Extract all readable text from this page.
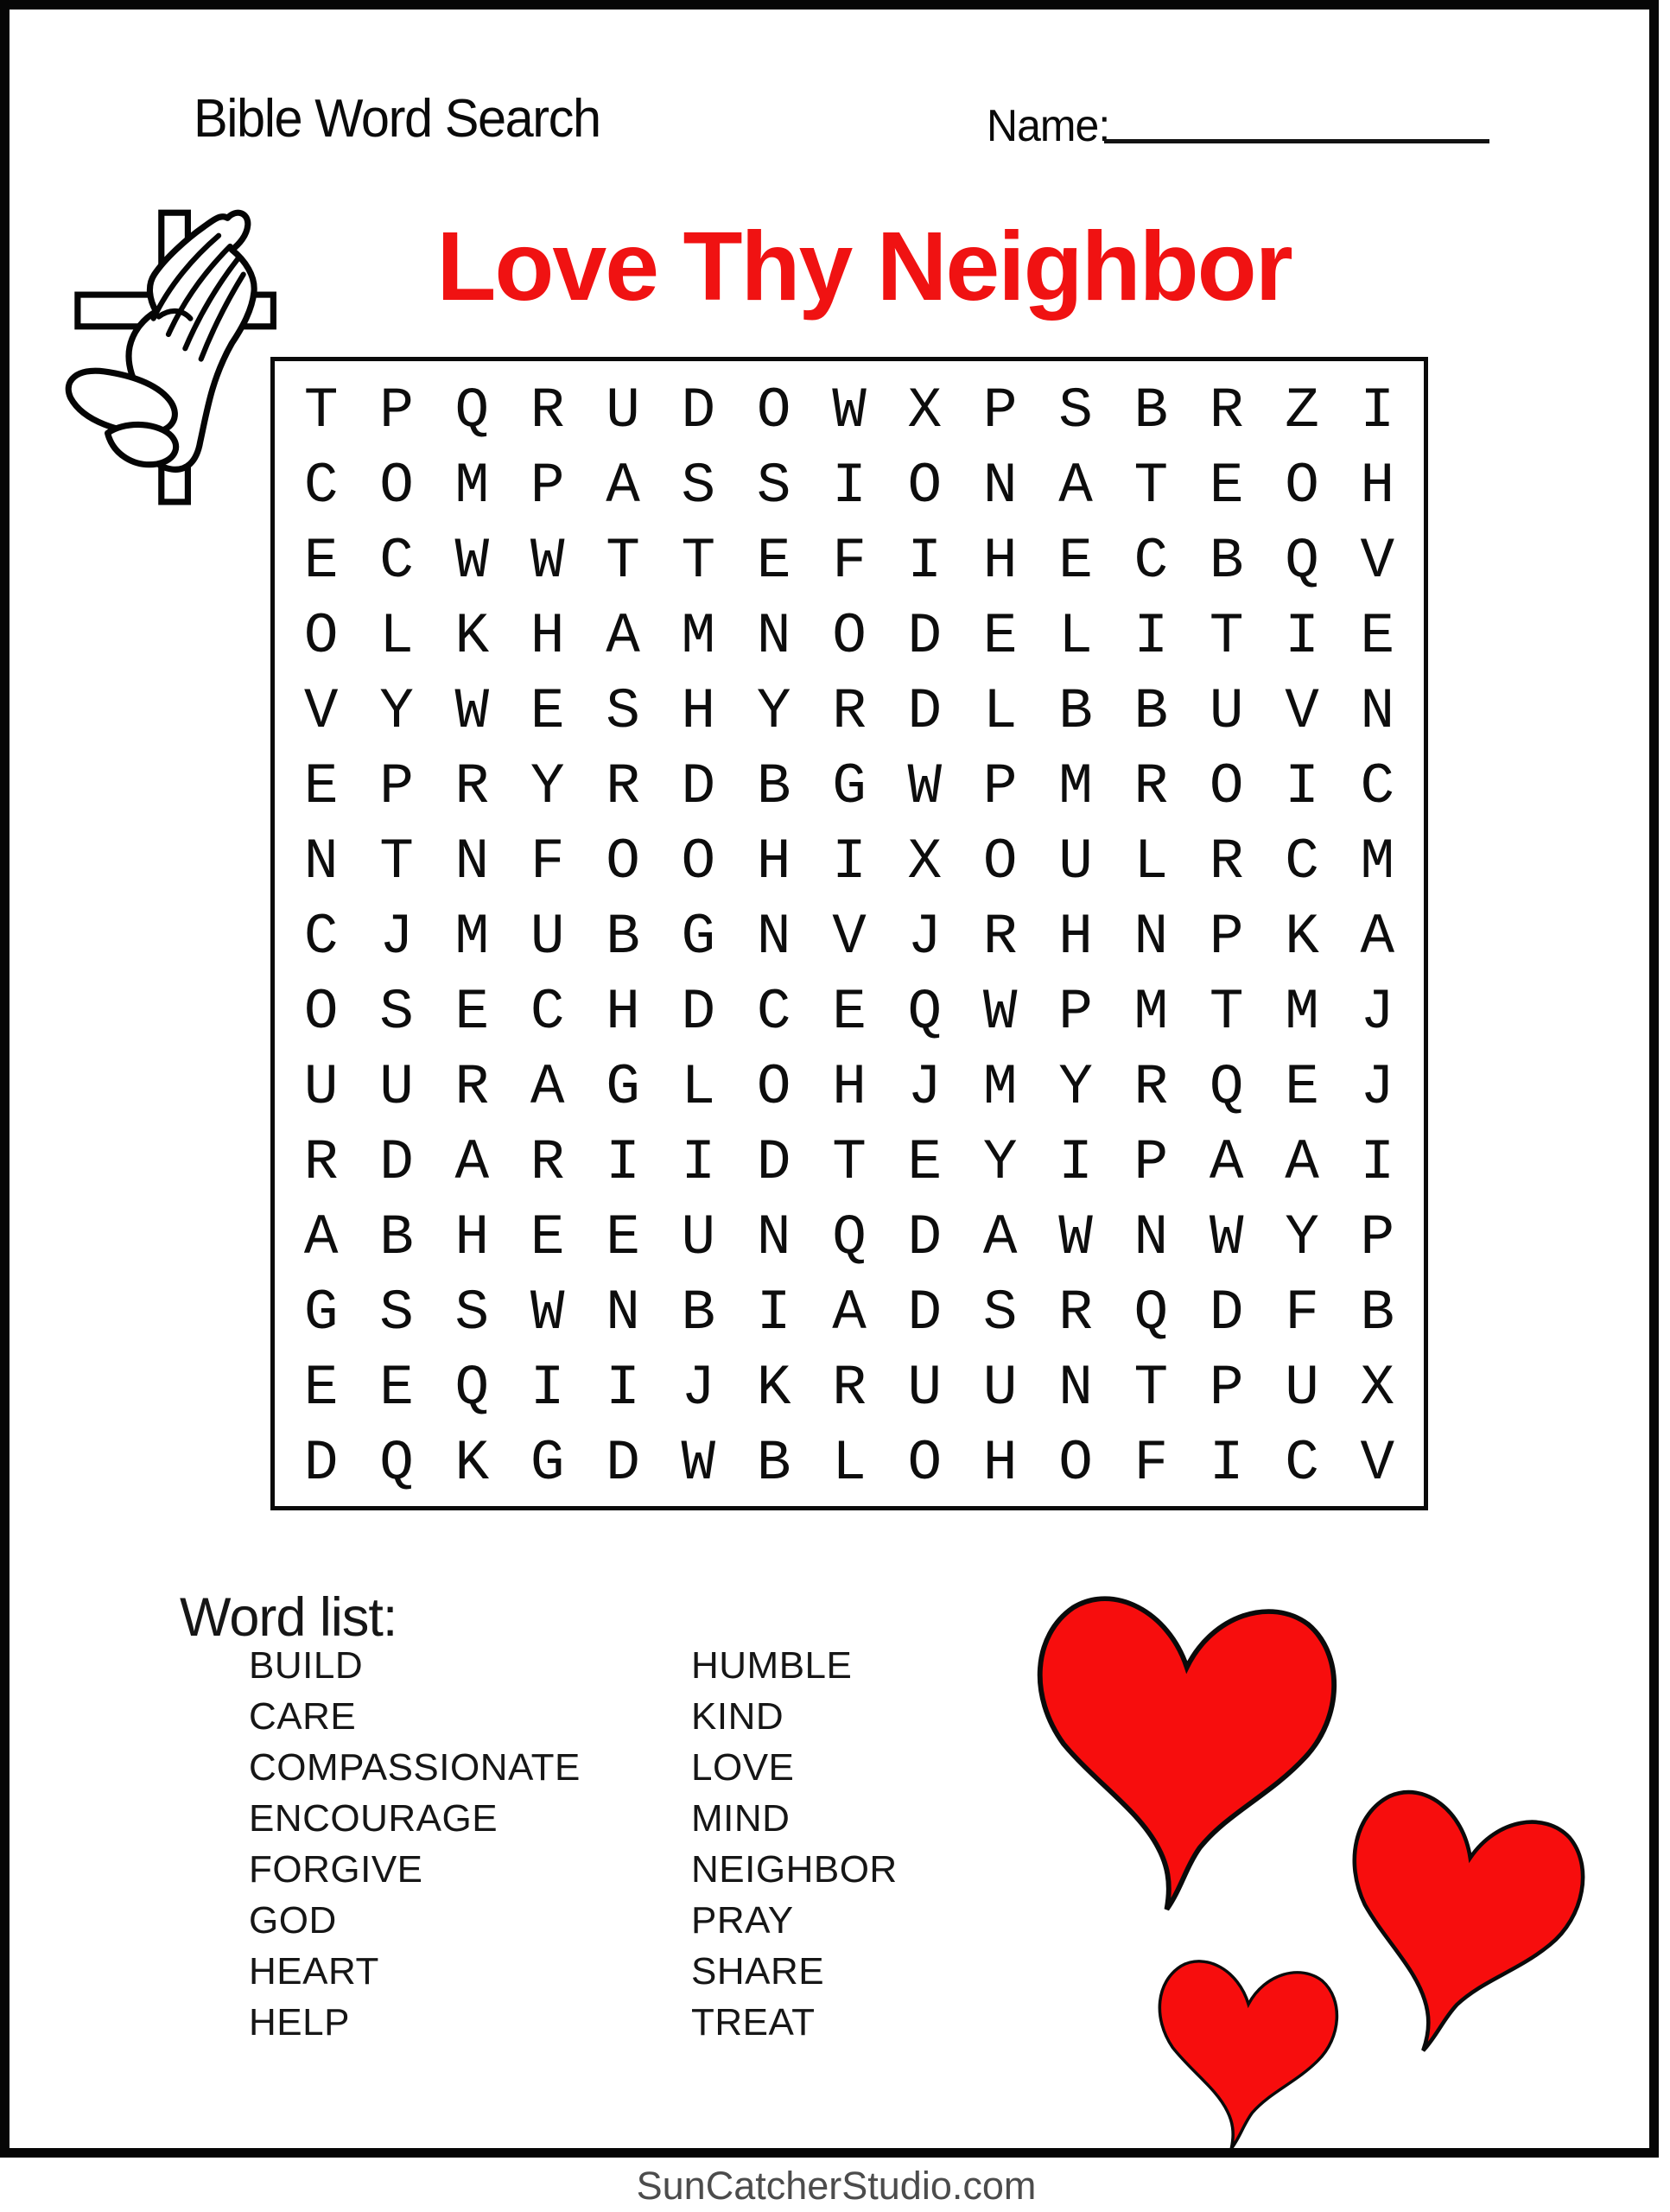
Bible Word Search	Name:
Love Thy Neighbor
T P Q R U D O W X P S B R Z I
C O M P A S S I O N A T E O H
E C W W T T E F I H E C B Q V
O L K H A M N O D E L I T I E
V Y W E S H Y R D L B B U V N
E P R Y R D B G W P M R O I C
N T N F O O H I X O U L R C M
C J M U B G N V J R H N P K A
O S E C H D C E Q W P M T M J
U U R A G L O H J M Y R Q E J
R D A R I I D T E Y I P A A I
A B H E E U N Q D A W N W Y P
G S S W N B I A D S R Q D F B
E E Q I I J K R U U N T P U X
D Q K G D W B L O H O F I C V
Word list:
BUILD
CARE
COMPASSIONATE
ENCOURAGE
FORGIVE
GOD
HEART
HELP
HUMBLE
KIND
LOVE
MIND
NEIGHBOR
PRAY
SHARE
TREAT
SunCatcherStudio.com
